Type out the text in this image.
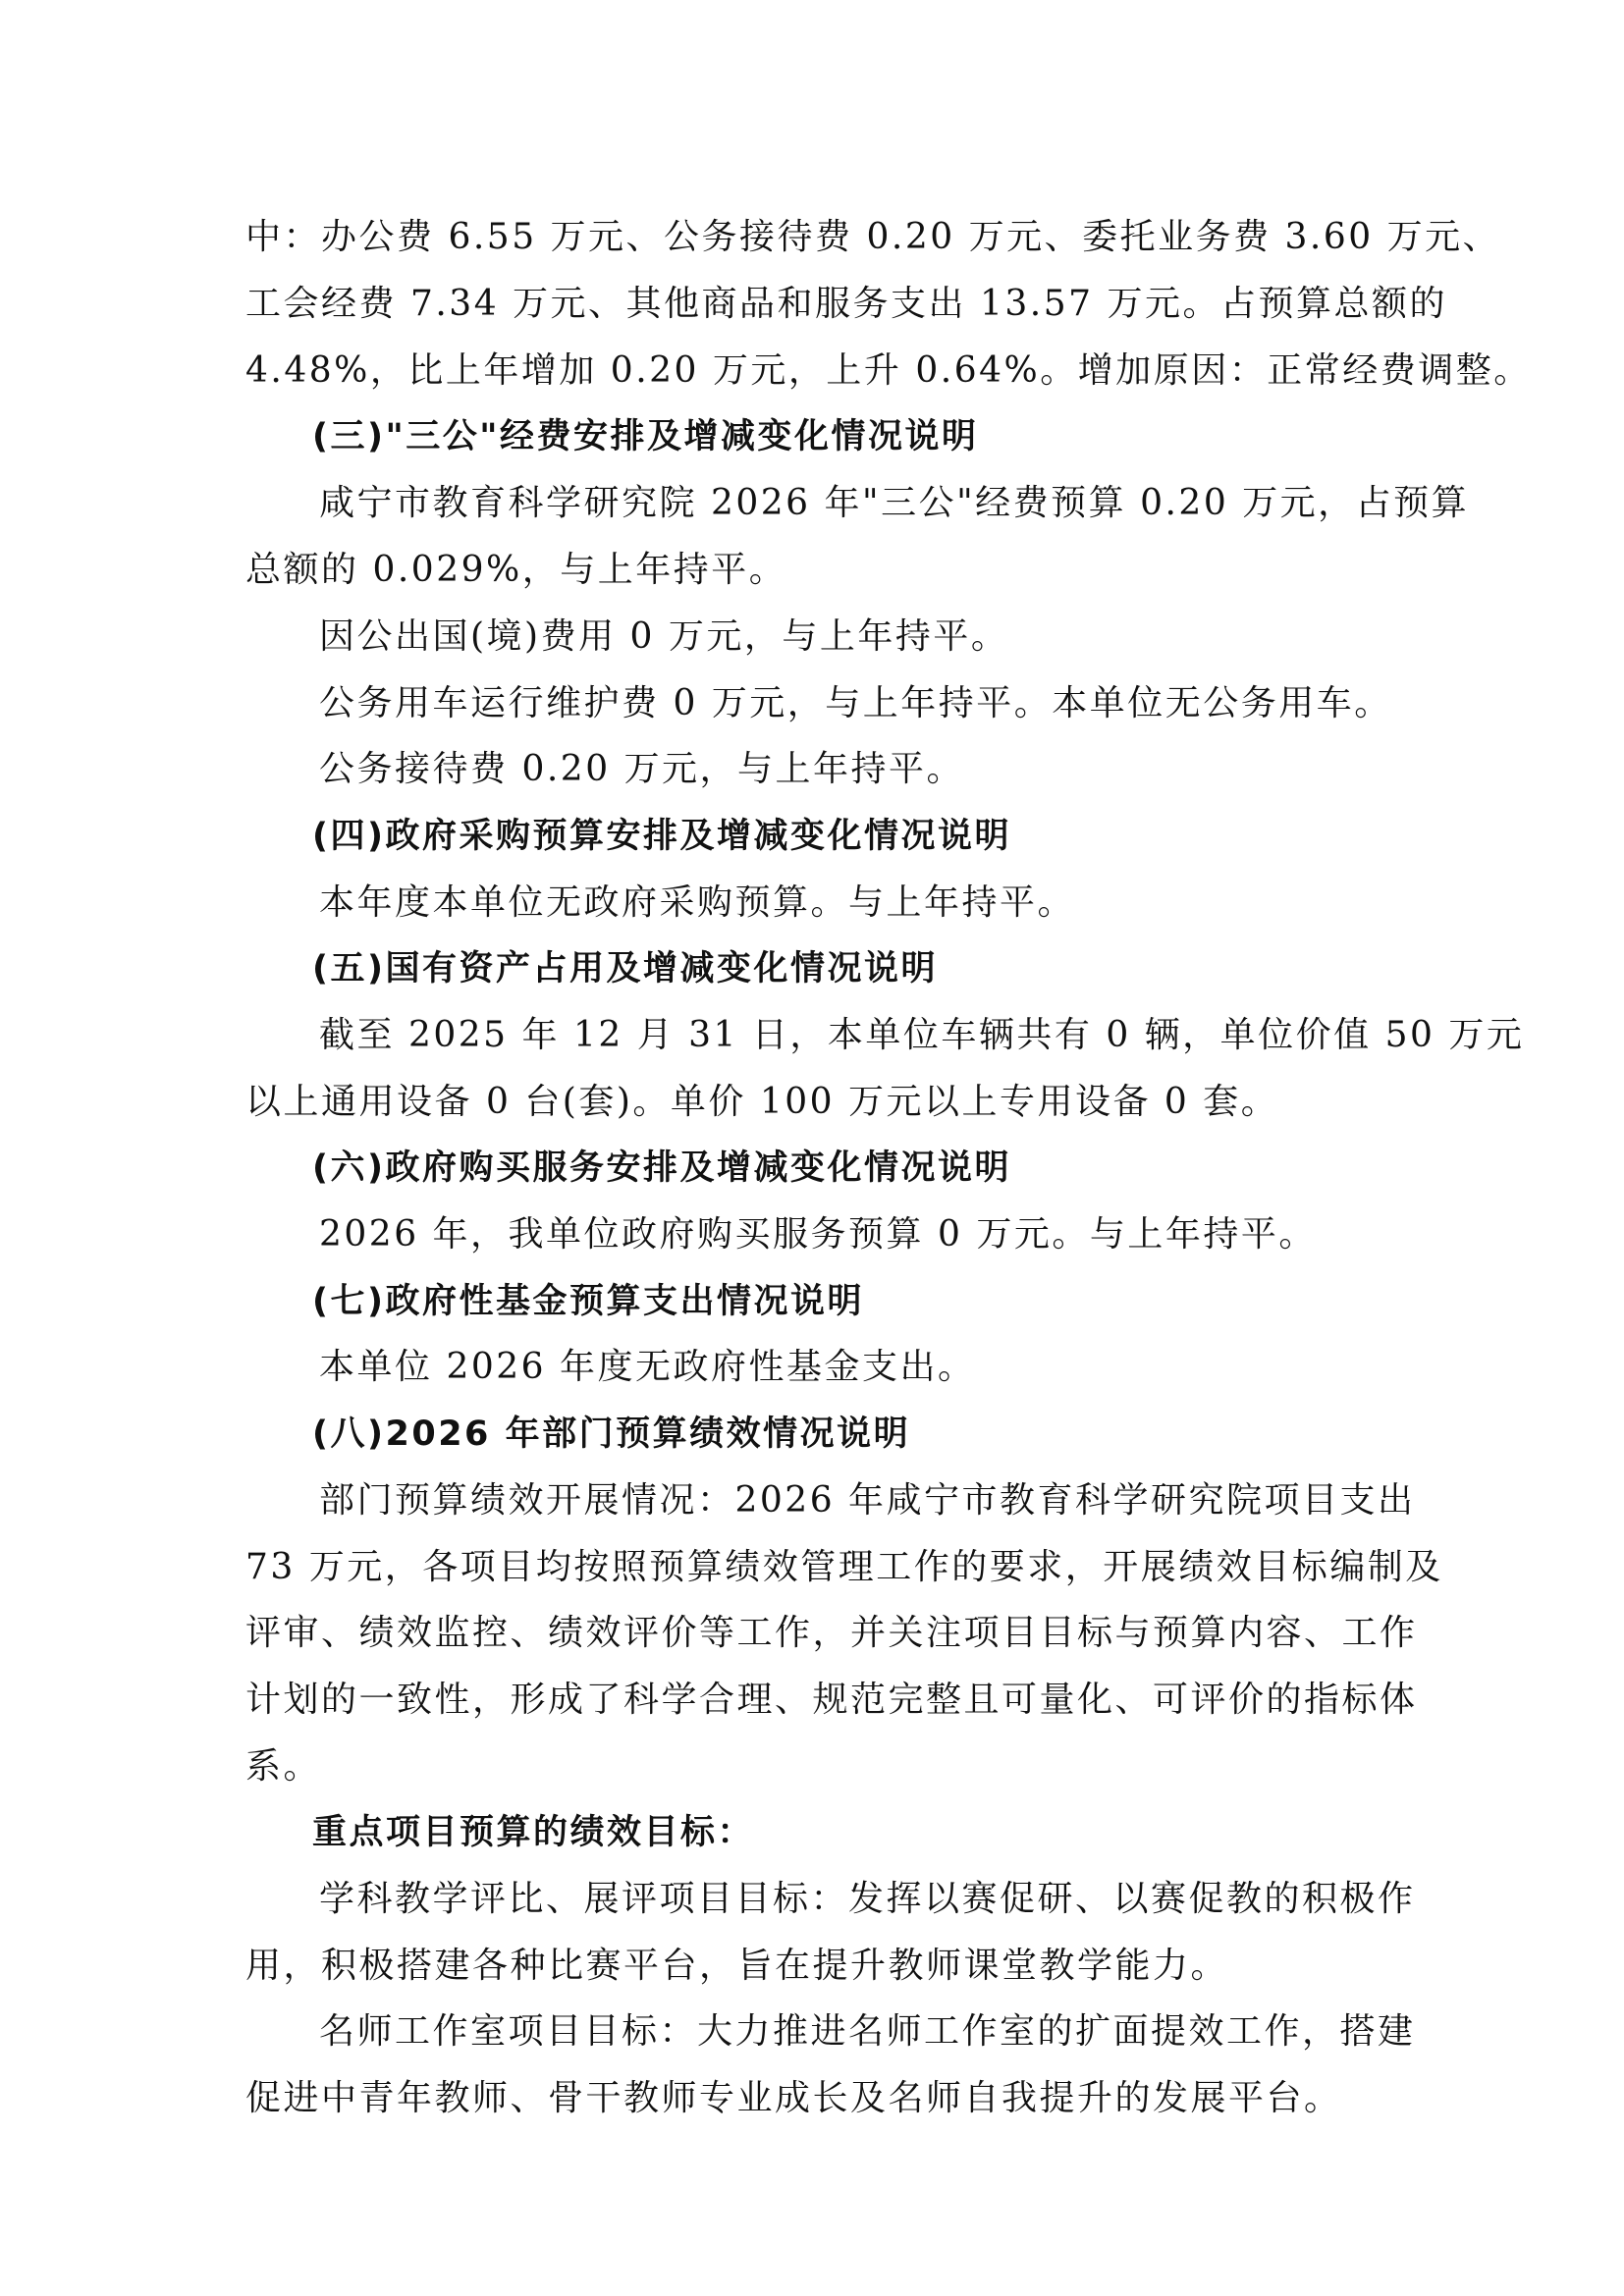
中：办公费 6.55 万元、公务接待费 0.20 万元、委托业务费 3.60 万元、
工会经费 7.34 万元、其他商品和服务支出 13.57 万元。占预算总额的
4.48%，比上年增加 0.20 万元，上升 0.64%。增加原因：正常经费调整。
(三)"三公"经费安排及增减变化情况说明
咸宁市教育科学研究院 2026 年"三公"经费预算 0.20 万元，占预算
总额的 0.029%，与上年持平。
因公出国(境)费用 0 万元，与上年持平。
公务用车运行维护费 0 万元，与上年持平。本单位无公务用车。
公务接待费 0.20 万元，与上年持平。
(四)政府采购预算安排及增减变化情况说明
本年度本单位无政府采购预算。与上年持平。
(五)国有资产占用及增减变化情况说明
截至 2025 年 12 月 31 日，本单位车辆共有 0 辆，单位价值 50 万元
以上通用设备 0 台(套)。单价 100 万元以上专用设备 0 套。
(六)政府购买服务安排及增减变化情况说明
2026 年，我单位政府购买服务预算 0 万元。与上年持平。
(七)政府性基金预算支出情况说明
本单位 2026 年度无政府性基金支出。
(八)2026 年部门预算绩效情况说明
部门预算绩效开展情况：2026 年咸宁市教育科学研究院项目支出
73 万元，各项目均按照预算绩效管理工作的要求，开展绩效目标编制及
评审、绩效监控、绩效评价等工作，并关注项目目标与预算内容、工作
计划的一致性，形成了科学合理、规范完整且可量化、可评价的指标体
系。
重点项目预算的绩效目标：
学科教学评比、展评项目目标：发挥以赛促研、以赛促教的积极作
用，积极搭建各种比赛平台，旨在提升教师课堂教学能力。
名师工作室项目目标：大力推进名师工作室的扩面提效工作，搭建
促进中青年教师、骨干教师专业成长及名师自我提升的发展平台。
